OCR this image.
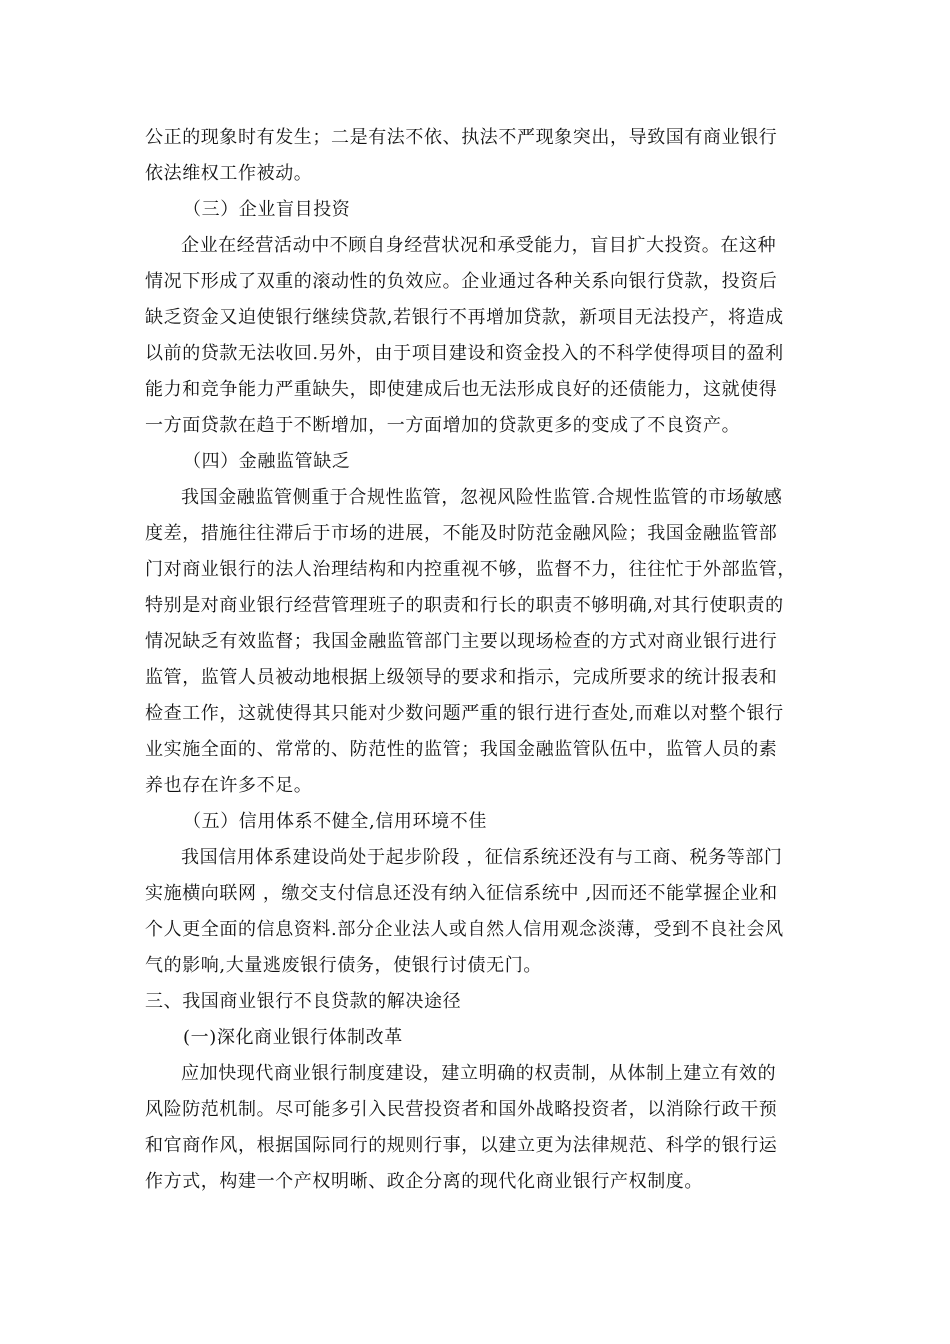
公正的现象时有发生；二是有法不依、执法不严现象突出，导致国有商业银行
依法维权工作被动。
（三）企业盲目投资
企业在经营活动中不顾自身经营状况和承受能力，盲目扩大投资。在这种
情况下形成了双重的滚动性的负效应。企业通过各种关系向银行贷款，投资后
缺乏资金又迫使银行继续贷款,若银行不再增加贷款，新项目无法投产，将造成
以前的贷款无法收回.另外，由于项目建设和资金投入的不科学使得项目的盈利
能力和竞争能力严重缺失，即使建成后也无法形成良好的还债能力，这就使得
一方面贷款在趋于不断增加，一方面增加的贷款更多的变成了不良资产。
（四）金融监管缺乏
我国金融监管侧重于合规性监管，忽视风险性监管.合规性监管的市场敏感
度差，措施往往滞后于市场的进展，不能及时防范金融风险；我国金融监管部
门对商业银行的法人治理结构和内控重视不够，监督不力，往往忙于外部监管，
特别是对商业银行经营管理班子的职责和行长的职责不够明确,对其行使职责的
情况缺乏有效监督；我国金融监管部门主要以现场检查的方式对商业银行进行
监管，监管人员被动地根据上级领导的要求和指示，完成所要求的统计报表和
检查工作，这就使得其只能对少数问题严重的银行进行查处,而难以对整个银行
业实施全面的、常常的、防范性的监管；我国金融监管队伍中，监管人员的素
养也存在许多不足。
（五）信用体系不健全,信用环境不佳
我国信用体系建设尚处于起步阶段 ，征信系统还没有与工商、税务等部门
实施横向联网 ，缴交支付信息还没有纳入征信系统中 ,因而还不能掌握企业和
个人更全面的信息资料.部分企业法人或自然人信用观念淡薄，受到不良社会风
气的影响,大量逃废银行债务，使银行讨债无门。
三、我国商业银行不良贷款的解决途径
(一)深化商业银行体制改革
应加快现代商业银行制度建设，建立明确的权责制，从体制上建立有效的
风险防范机制。尽可能多引入民营投资者和国外战略投资者，以消除行政干预
和官商作风，根据国际同行的规则行事，以建立更为法律规范、科学的银行运
作方式，构建一个产权明晰、政企分离的现代化商业银行产权制度。
